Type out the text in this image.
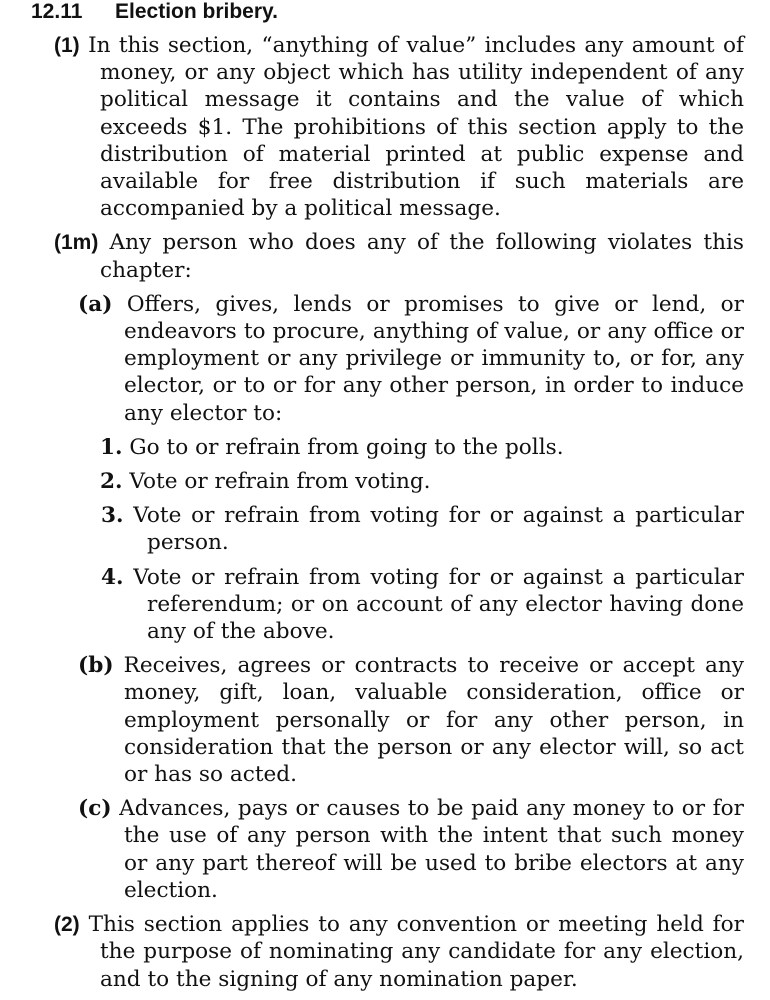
12.11 Election bribery.

(1) In this section, “anything of value” includes any amount of money, or any object which has utility independent of any political message it contains and the value of which exceeds $1. The prohibitions of this section apply to the distribution of material printed at public expense and available for free distribution if such materials are accompanied by a political message.

(1m) Any person who does any of the following violates this chapter:

(a) Offers, gives, lends or promises to give or lend, or endeavors to procure, anything of value, or any office or employment or any privilege or immunity to, or for, any elector, or to or for any other person, in order to induce any elector to:

1. Go to or refrain from going to the polls.

2. Vote or refrain from voting.

3. Vote or refrain from voting for or against a particular person.

4. Vote or refrain from voting for or against a particular referendum; or on account of any elector having done any of the above.

(b) Receives, agrees or contracts to receive or accept any money, gift, loan, valuable consideration, office or employment personally or for any other person, in consideration that the person or any elector will, so act or has so acted.

(c) Advances, pays or causes to be paid any money to or for the use of any person with the intent that such money or any part thereof will be used to bribe electors at any election.

(2) This section applies to any convention or meeting held for the purpose of nominating any candidate for any election, and to the signing of any nomination paper.
